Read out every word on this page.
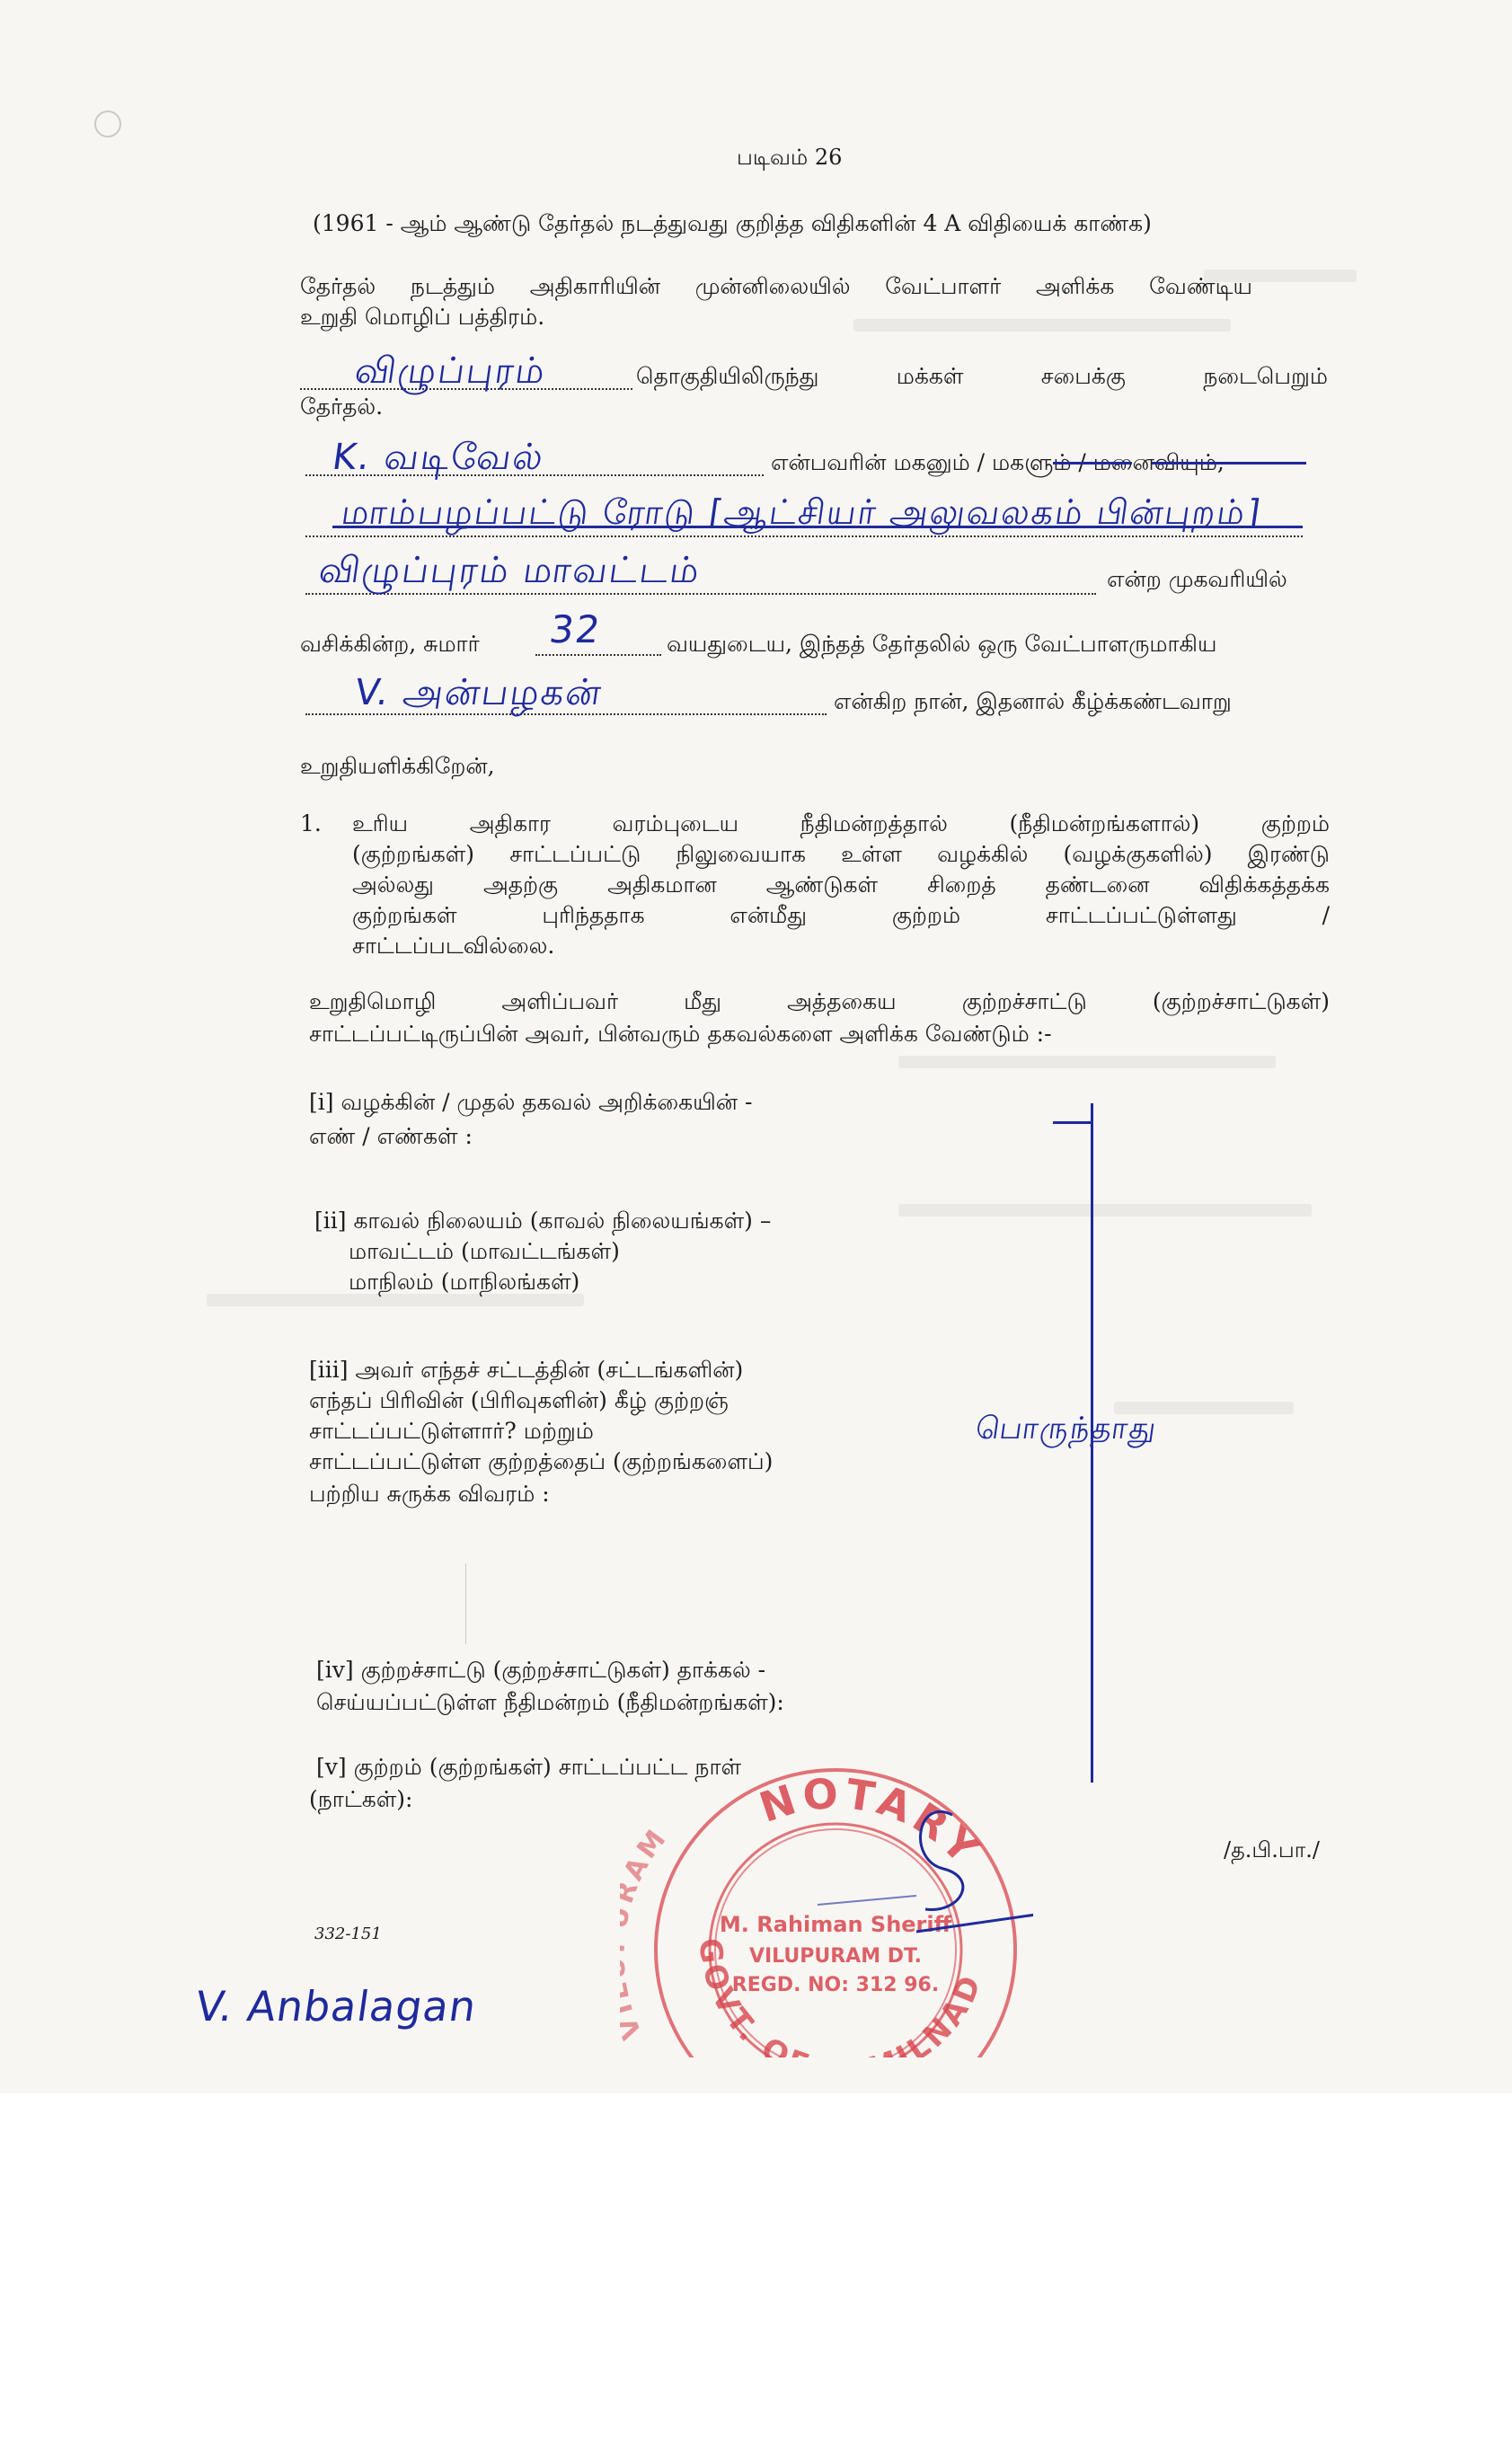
படிவம் 26
(1961 - ஆம் ஆண்டு தேர்தல் நடத்துவது குறித்த விதிகளின் 4 A விதியைக் காண்க)
தேர்தல் நடத்தும் அதிகாரியின் முன்னிலையில் வேட்பாளர் அளிக்க வேண்டிய
உறுதி மொழிப் பத்திரம்.
விழுப்புரம்	தொகுதியிலிருந்து மக்கள் சபைக்கு நடைபெறும்
தேர்தல்.
K. வடிவேல்	என்பவரின் மகனும் / மகளும் / மனைவியும்,
மாம்பழப்பட்டு ரோடு [ஆட்சியர் அலுவலகம் பின்புறம்]
விழுப்புரம் மாவட்டம்	என்ற முகவரியில்
வசிக்கின்ற, சுமார் 32	வயதுடைய, இந்தத் தேர்தலில் ஒரு வேட்பாளருமாகிய
V. அன்பழகன்	என்கிற நான், இதனால் கீழ்க்கண்டவாறு
உறுதியளிக்கிறேன்,
1. உரிய அதிகார வரம்புடைய நீதிமன்றத்தால் (நீதிமன்றங்களால்) குற்றம்
(குற்றங்கள்) சாட்டப்பட்டு நிலுவையாக உள்ள வழக்கில் (வழக்குகளில்) இரண்டு
அல்லது அதற்கு அதிகமான ஆண்டுகள் சிறைத் தண்டனை விதிக்கத்தக்க
குற்றங்கள் புரிந்ததாக என்மீது குற்றம் சாட்டப்பட்டுள்ளது /
சாட்டப்படவில்லை.
உறுதிமொழி அளிப்பவர் மீது அத்தகைய குற்றச்சாட்டு (குற்றச்சாட்டுகள்)
சாட்டப்பட்டிருப்பின் அவர், பின்வரும் தகவல்களை அளிக்க வேண்டும் :-
[i] வழக்கின் / முதல் தகவல் அறிக்கையின் -
எண் / எண்கள் :
[ii] காவல் நிலையம் (காவல் நிலையங்கள்) –
மாவட்டம் (மாவட்டங்கள்)
மாநிலம் (மாநிலங்கள்)
[iii] அவர் எந்தச் சட்டத்தின் (சட்டங்களின்)
எந்தப் பிரிவின் (பிரிவுகளின்) கீழ் குற்றஞ்
சாட்டப்பட்டுள்ளார்? மற்றும்
சாட்டப்பட்டுள்ள குற்றத்தைப் (குற்றங்களைப்)
பற்றிய சுருக்க விவரம் :
[iv] குற்றச்சாட்டு (குற்றச்சாட்டுகள்) தாக்கல் -
செய்யப்பட்டுள்ள நீதிமன்றம் (நீதிமன்றங்கள்):
[v] குற்றம் (குற்றங்கள்) சாட்டப்பட்ட நாள்
(நாட்கள்):
பொருந்தாது
/த.பி.பா./
332-151
V. Anbalagan
NOTARY
GOVT. O ILNAD
AM
M. Rahiman Sheriff
VILUPURAM DT.
REGD. NO: 312 96.
